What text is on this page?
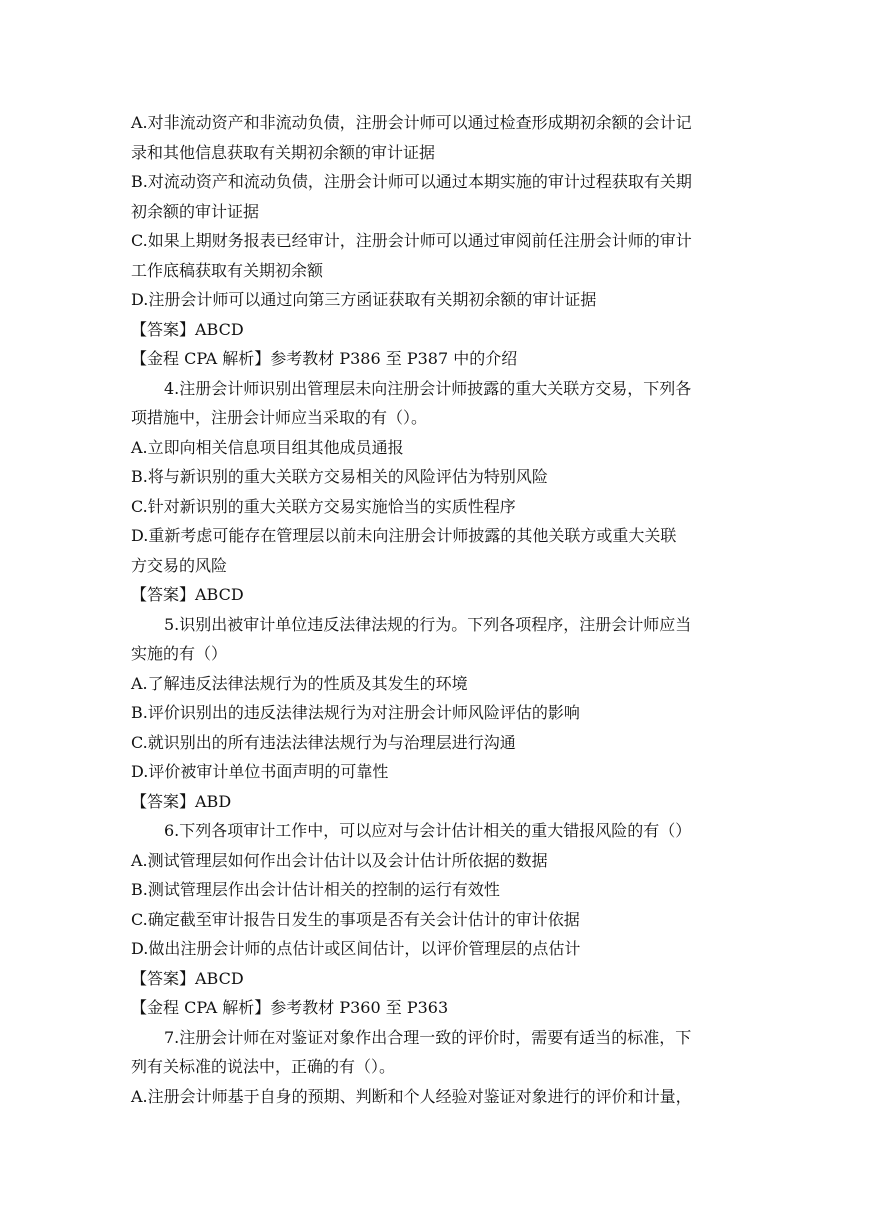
A.对非流动资产和非流动负债，注册会计师可以通过检查形成期初余额的会计记
录和其他信息获取有关期初余额的审计证据
B.对流动资产和流动负债，注册会计师可以通过本期实施的审计过程获取有关期
初余额的审计证据
C.如果上期财务报表已经审计，注册会计师可以通过审阅前任注册会计师的审计
工作底稿获取有关期初余额
D.注册会计师可以通过向第三方函证获取有关期初余额的审计证据
【答案】ABCD
【金程 CPA 解析】参考教材 P386 至 P387 中的介绍
4.注册会计师识别出管理层未向注册会计师披露的重大关联方交易，下列各
项措施中，注册会计师应当采取的有（）。
A.立即向相关信息项目组其他成员通报
B.将与新识别的重大关联方交易相关的风险评估为特别风险
C.针对新识别的重大关联方交易实施恰当的实质性程序
D.重新考虑可能存在管理层以前未向注册会计师披露的其他关联方或重大关联
方交易的风险
【答案】ABCD
5.识别出被审计单位违反法律法规的行为。下列各项程序，注册会计师应当
实施的有（）
A.了解违反法律法规行为的性质及其发生的环境
B.评价识别出的违反法律法规行为对注册会计师风险评估的影响
C.就识别出的所有违法法律法规行为与治理层进行沟通
D.评价被审计单位书面声明的可靠性
【答案】ABD
6.下列各项审计工作中，可以应对与会计估计相关的重大错报风险的有（）
A.测试管理层如何作出会计估计以及会计估计所依据的数据
B.测试管理层作出会计估计相关的控制的运行有效性
C.确定截至审计报告日发生的事项是否有关会计估计的审计依据
D.做出注册会计师的点估计或区间估计，以评价管理层的点估计
【答案】ABCD
【金程 CPA 解析】参考教材 P360 至 P363
7.注册会计师在对鉴证对象作出合理一致的评价时，需要有适当的标准，下
列有关标准的说法中，正确的有（）。
A.注册会计师基于自身的预期、判断和个人经验对鉴证对象进行的评价和计量，
